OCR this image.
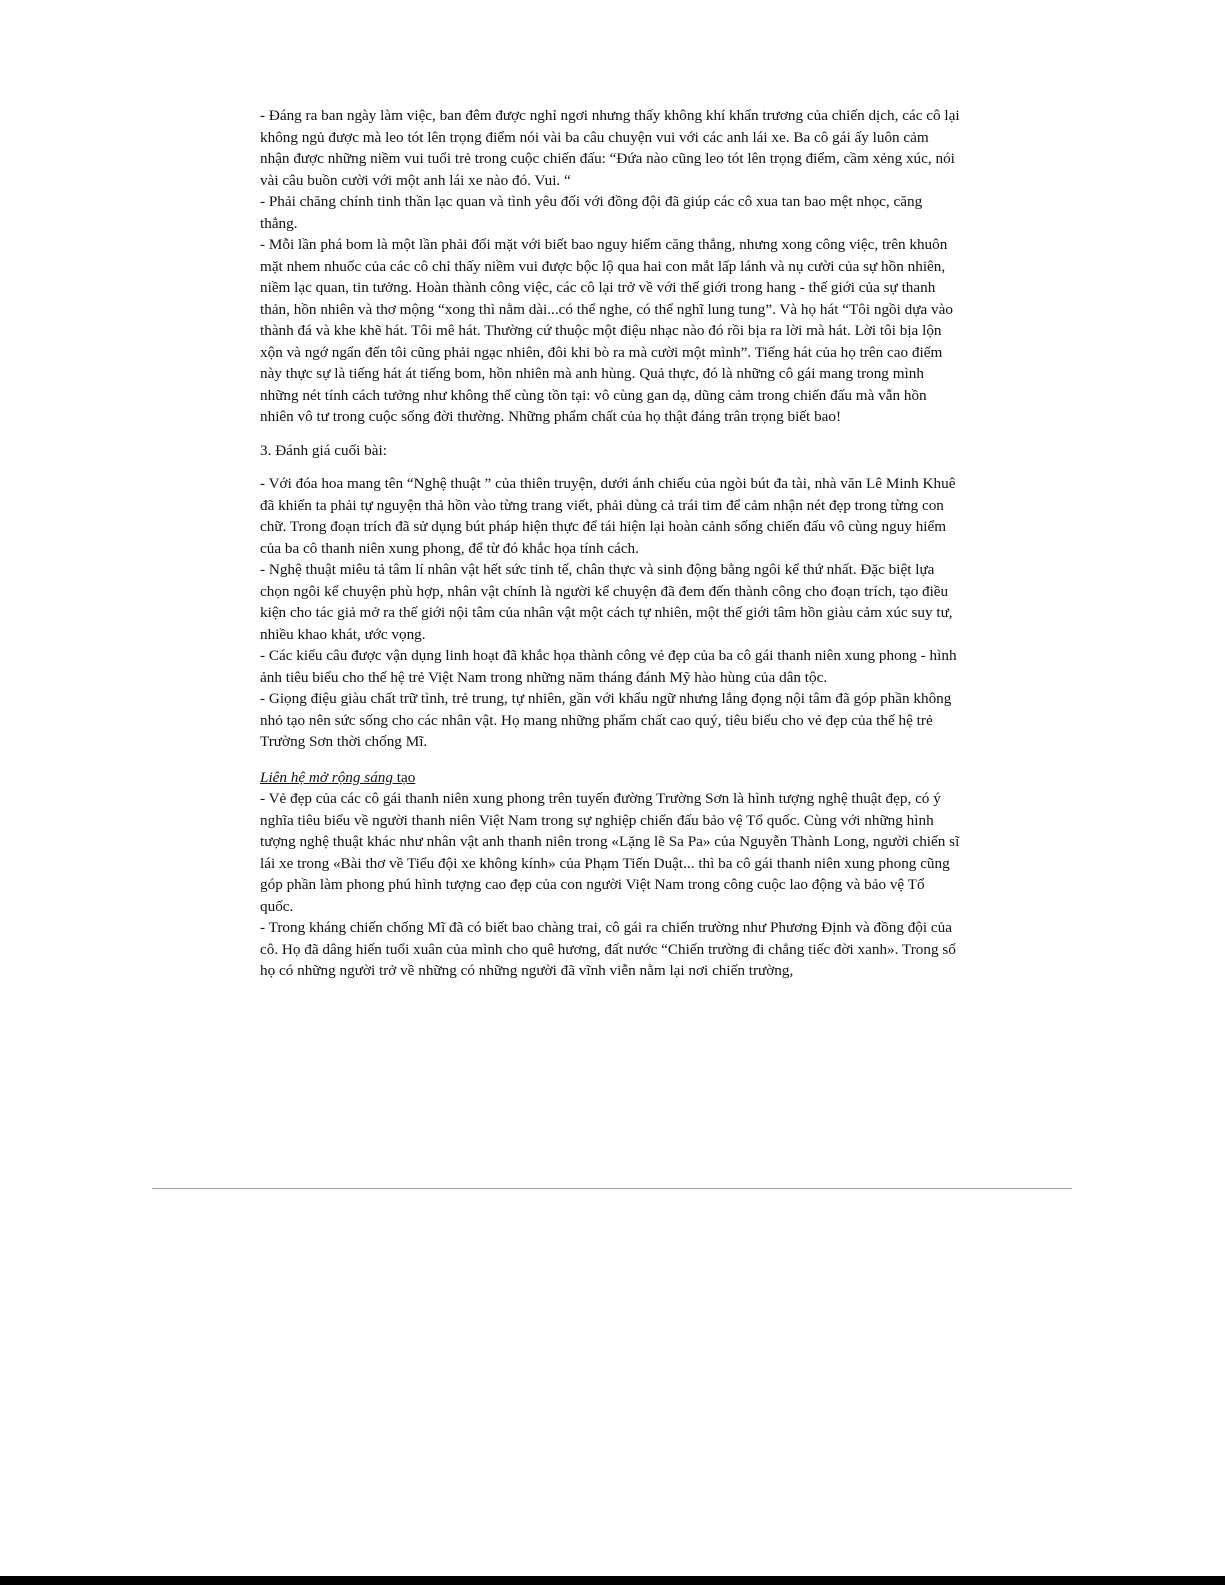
- Đáng ra ban ngày làm việc, ban đêm được nghỉ ngơi nhưng thấy không khí khẩn trương của chiến dịch, các cô lại không ngủ được mà leo tót lên trọng điểm nói vài ba câu chuyện vui với các anh lái xe. Ba cô gái ấy luôn cảm nhận được những niềm vui tuổi trẻ trong cuộc chiến đấu: “Đứa nào cũng leo tót lên trọng điểm, cầm xẻng xúc, nói vài câu buồn cười với một anh lái xe nào đó. Vui. “

- Phải chăng chính tinh thần lạc quan và tình yêu đối với đồng đội đã giúp các cô xua tan bao mệt nhọc, căng thẳng.

- Mỗi lần phá bom là một lần phải đối mặt với biết bao nguy hiểm căng thẳng, nhưng xong công việc, trên khuôn mặt nhem nhuốc của các cô chỉ thấy niềm vui được bộc lộ qua hai con mắt lấp lánh và nụ cười của sự hồn nhiên, niềm lạc quan, tin tưởng. Hoàn thành công việc, các cô lại trở về với thế giới trong hang - thế giới của sự thanh thản, hồn nhiên và thơ mộng “xong thì nằm dài...có thể nghe, có thể nghĩ lung tung”. Và họ hát “Tôi ngồi dựa vào thành đá và khe khẽ hát. Tôi mê hát. Thường cứ thuộc một điệu nhạc nào đó rồi bịa ra lời mà hát. Lời tôi bịa lộn xộn và ngớ ngẩn đến tôi cũng phải ngạc nhiên, đôi khi bò ra mà cười một mình”. Tiếng hát của họ trên cao điểm này thực sự là tiếng hát át tiếng bom, hồn nhiên mà anh hùng. Quả thực, đó là những cô gái mang trong mình những nét tính cách tưởng như không thể cùng tồn tại: vô cùng gan dạ, dũng cảm trong chiến đấu mà vẫn hồn nhiên vô tư trong cuộc sống đời thường. Những phẩm chất của họ thật đáng trân trọng biết bao!

3. Đánh giá cuối bài:

- Với đóa hoa mang tên “Nghệ thuật ” của thiên truyện, dưới ánh chiếu của ngòi bút đa tài, nhà văn Lê Minh Khuê đã khiến ta phải tự nguyện thả hồn vào từng trang viết, phải dùng cả trái tim để cảm nhận nét đẹp trong từng con chữ. Trong đoạn trích đã sử dụng bút pháp hiện thực để tái hiện lại hoàn cảnh sống chiến đấu vô cùng nguy hiểm của ba cô thanh niên xung phong, để từ đó khắc họa tính cách.

- Nghệ thuật miêu tả tâm lí nhân vật hết sức tinh tế, chân thực và sinh động bằng ngôi kể thứ nhất. Đặc biệt lựa chọn ngôi kể chuyện phù hợp, nhân vật chính là người kể chuyện đã đem đến thành công cho đoạn trích, tạo điều kiện cho tác giả mở ra thế giới nội tâm của nhân vật một cách tự nhiên, một thế giới tâm hồn giàu cảm xúc suy tư, nhiều khao khát, ước vọng.

- Các kiểu câu được vận dụng linh hoạt đã khắc họa thành công vẻ đẹp của ba cô gái thanh niên xung phong - hình ảnh tiêu biểu cho thế hệ trẻ Việt Nam trong những năm tháng đánh Mỹ hào hùng của dân tộc.

- Giọng điệu giàu chất trữ tình, trẻ trung, tự nhiên, gần với khẩu ngữ nhưng lắng đọng nội tâm đã góp phần không nhỏ tạo nên sức sống cho các nhân vật. Họ mang những phẩm chất cao quý, tiêu biểu cho vẻ đẹp của thế hệ trẻ Trường Sơn thời chống Mĩ.

Liên hệ mở rộng sáng tạo

- Vẻ đẹp của các cô gái thanh niên xung phong trên tuyến đường Trường Sơn là hình tượng nghệ thuật đẹp, có ý nghĩa tiêu biểu về người thanh niên Việt Nam trong sự nghiệp chiến đấu bảo vệ Tổ quốc. Cùng với những hình tượng nghệ thuật khác như nhân vật anh thanh niên trong «Lặng lẽ Sa Pa» của Nguyễn Thành Long, người chiến sĩ lái xe trong «Bài thơ về Tiểu đội xe không kính» của Phạm Tiến Duật... thì ba cô gái thanh niên xung phong cũng góp phần làm phong phú hình tượng cao đẹp của con người Việt Nam trong công cuộc lao động và bảo vệ Tổ quốc.

- Trong kháng chiến chống Mĩ đã có biết bao chàng trai, cô gái ra chiến trường như Phương Định và đồng đội của cô. Họ đã dâng hiến tuổi xuân của mình cho quê hương, đất nước “Chiến trường đi chẳng tiếc đời xanh». Trong số họ có những người trở về những có những người đã vĩnh viễn nằm lại nơi chiến trường,
